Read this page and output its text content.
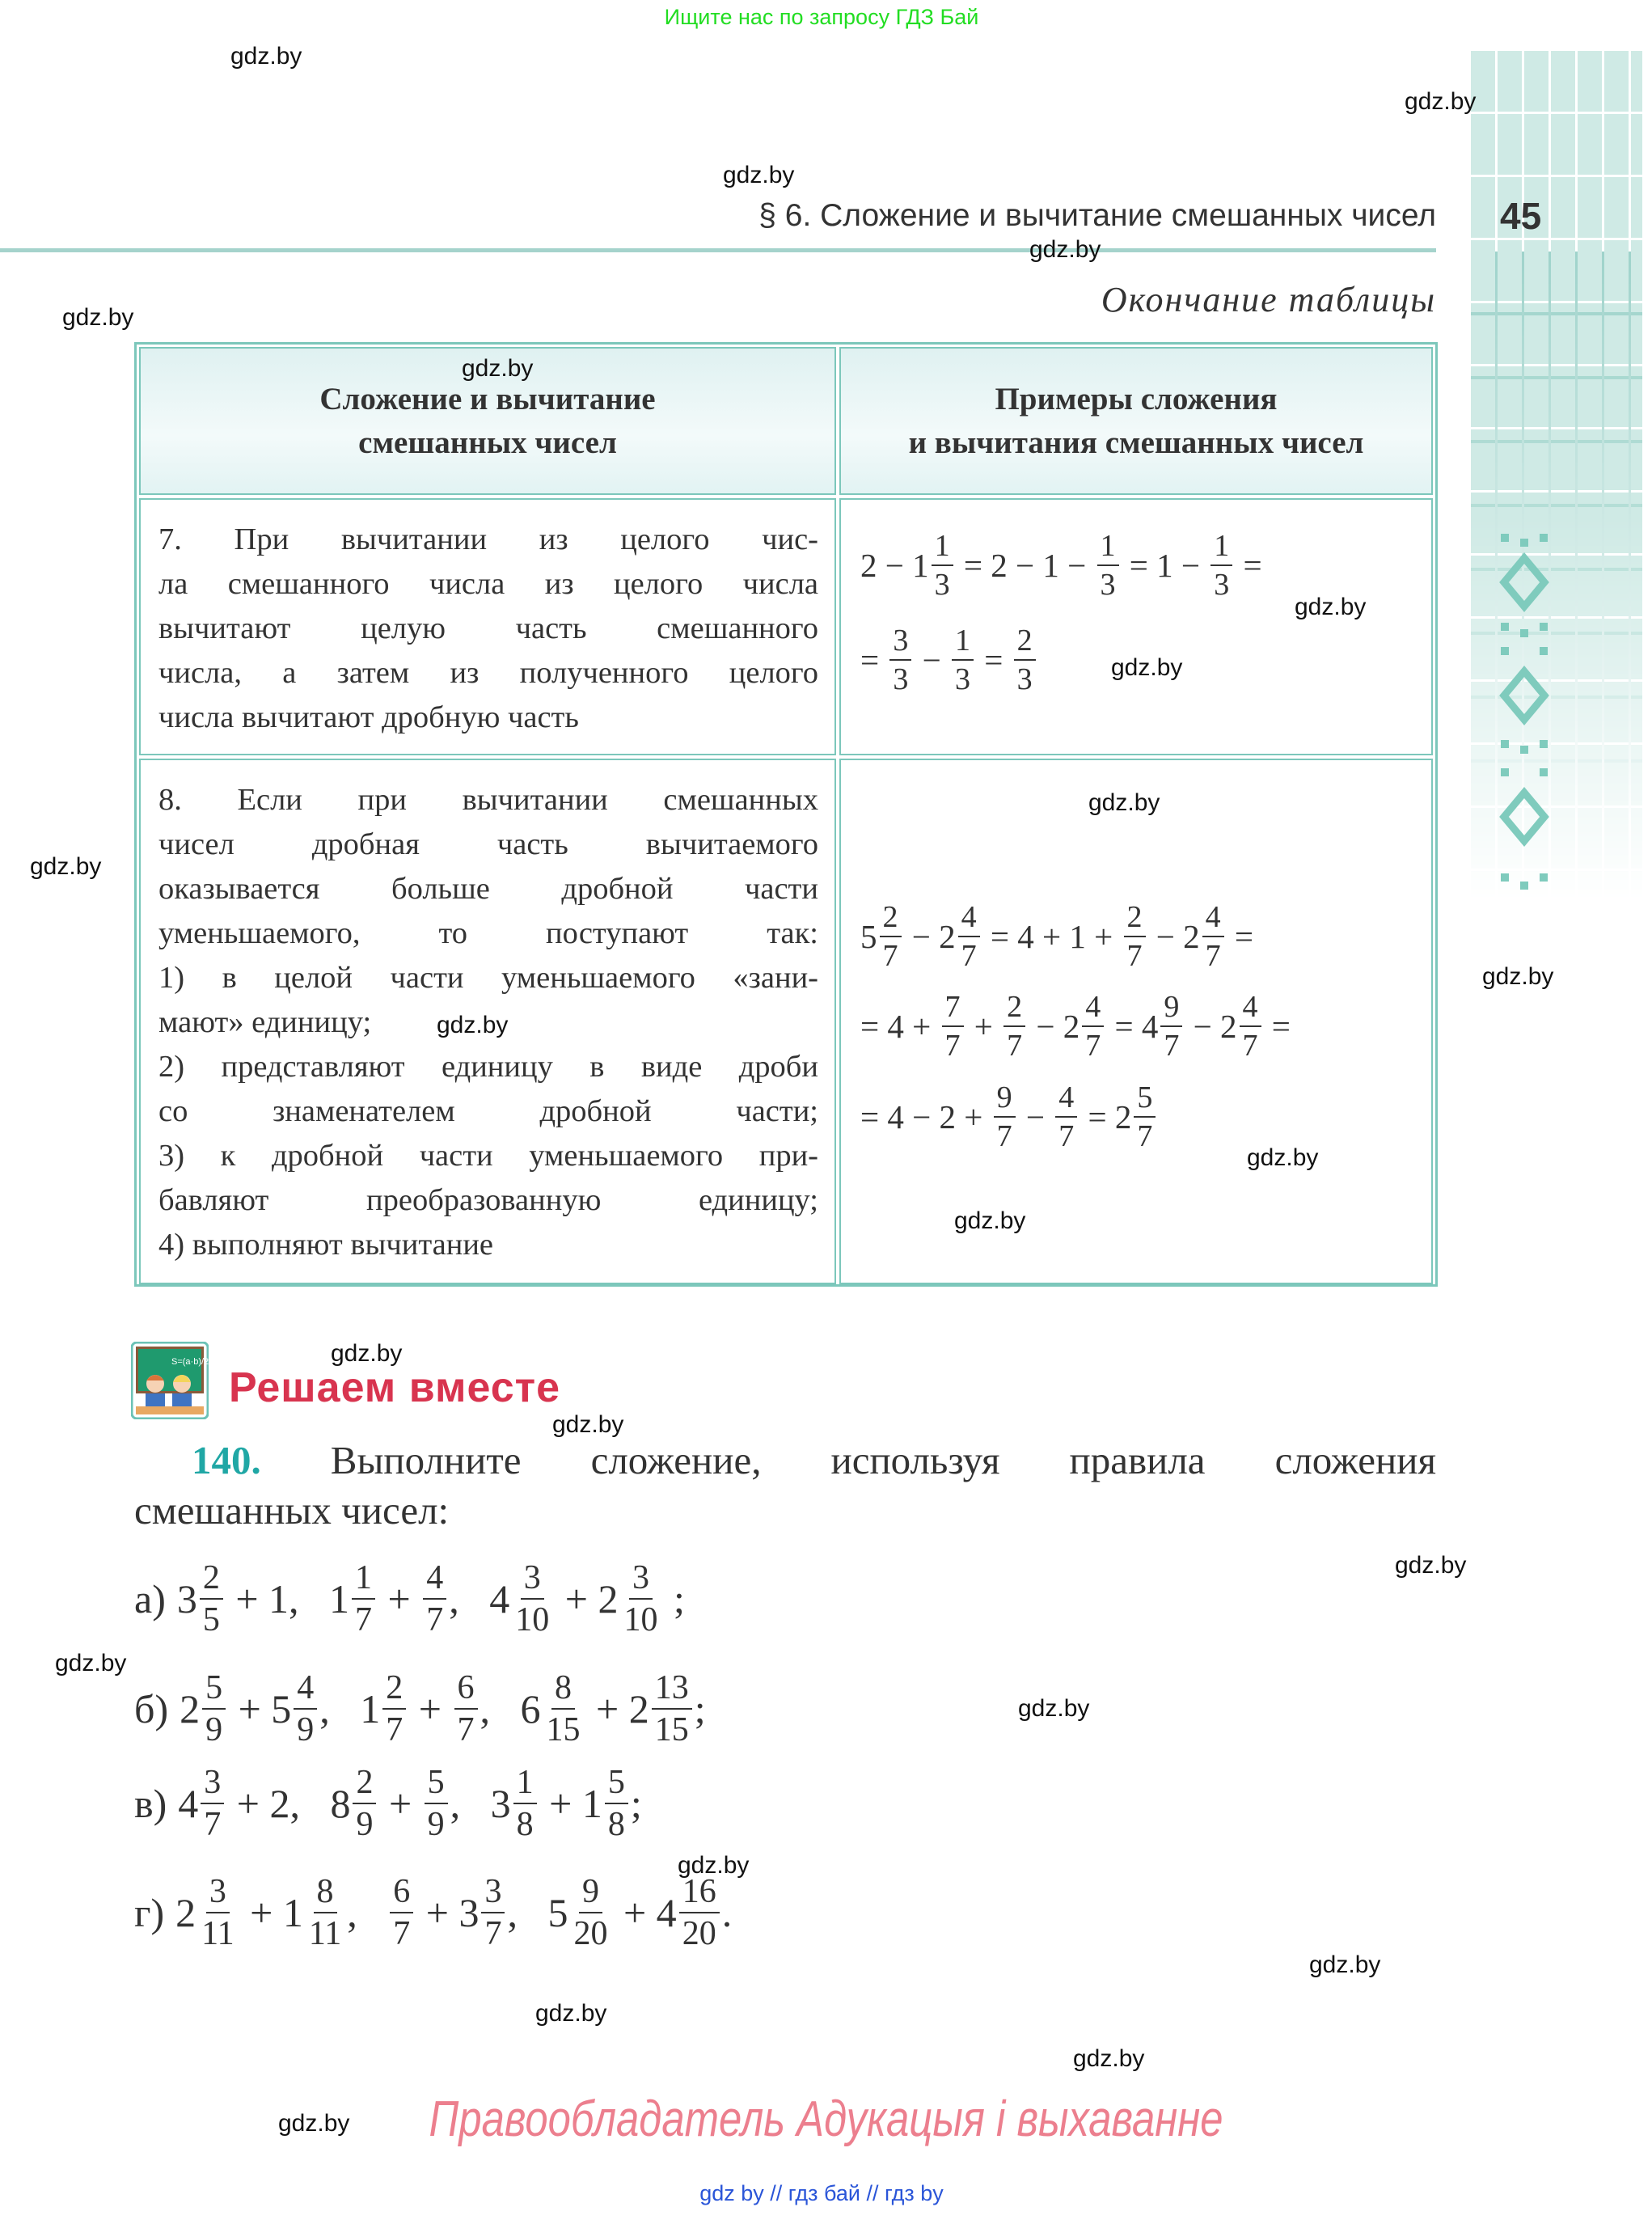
Ищите нас по запросу ГДЗ Бай
45
§ 6. Сложение и вычитание смешанных чисел
Окончание таблицы
Сложение и вычитание
смешанных чисел
Примеры сложения
и вычитания смешанных чисел
7. При вычитании из целого чис-
ла смешанного числа из целого числа
вычитают целую часть смешанного
числа, а затем из полученного целого
числа вычитают дробную часть
$2 - 1 \frac{1}{3} = 2 - 1 - \frac{1}{3} = 1 - \frac{1}{3}$ =
= $\frac{3}{3} - \frac{1}{3} = \frac{2}{3}$
8. Если при вычитании смешанных
чисел дробная часть вычитаемого
оказывается больше дробной части
уменьшаемого, то поступают так:
1) в целой части уменьшаемого «зани-
мают» единицу;
2) представляют единицу в виде дроби
со знаменателем дробной части;
3) к дробной части уменьшаемого при-
бавляют преобразованную единицу;
4) выполняют вычитание
$5 \frac{2}{7} - 2 \frac{4}{7} = 4 + 1 + \frac{2}{7} - 2 \frac{4}{7}$ =
= $4 + \frac{7}{7} + \frac{2}{7} - 2 \frac{4}{7} = 4 \frac{9}{7} - 2 \frac{4}{7}$ =
= $4 - 2 + \frac{9}{7} - \frac{4}{7} = 2 \frac{5}{7}$
S=(a·b)/2
Решаем вместе
140. Выполните сложение, используя правила сложения
смешанных чисел:
а) $3 \frac{2}{5} + 1$,   $1 \frac{1}{7} + \frac{4}{7}$ ,   $4 \frac{3}{10} + 2 \frac{3}{10}$ ;
б) $2 \frac{5}{9} + 5 \frac{4}{9}$ ,   $1 \frac{2}{7} + \frac{6}{7}$ ,   $6 \frac{8}{15} + 2 \frac{13}{15}$ ;
в) $4 \frac{3}{7} + 2$,   $8 \frac{2}{9} + \frac{5}{9}$ ,   $3 \frac{1}{8} + 1 \frac{5}{8}$ ;
г) $2 \frac{3}{11} + 1 \frac{8}{11}$ , $\frac{6}{7} + 3 \frac{3}{7}$ ,   $5 \frac{9}{20} + 4 \frac{16}{20}$ .
Правообладатель Адукацыя і выхаванне
gdz by // гдз бай // гдз by
gdz.by
gdz.by
gdz.by
gdz.by
gdz.by
gdz.by
gdz.by
gdz.by
gdz.by
gdz.by
gdz.by
gdz.by
gdz.by
gdz.by
gdz.by
gdz.by
gdz.by
gdz.by
gdz.by
gdz.by
gdz.by
gdz.by
gdz.by
gdz.by
